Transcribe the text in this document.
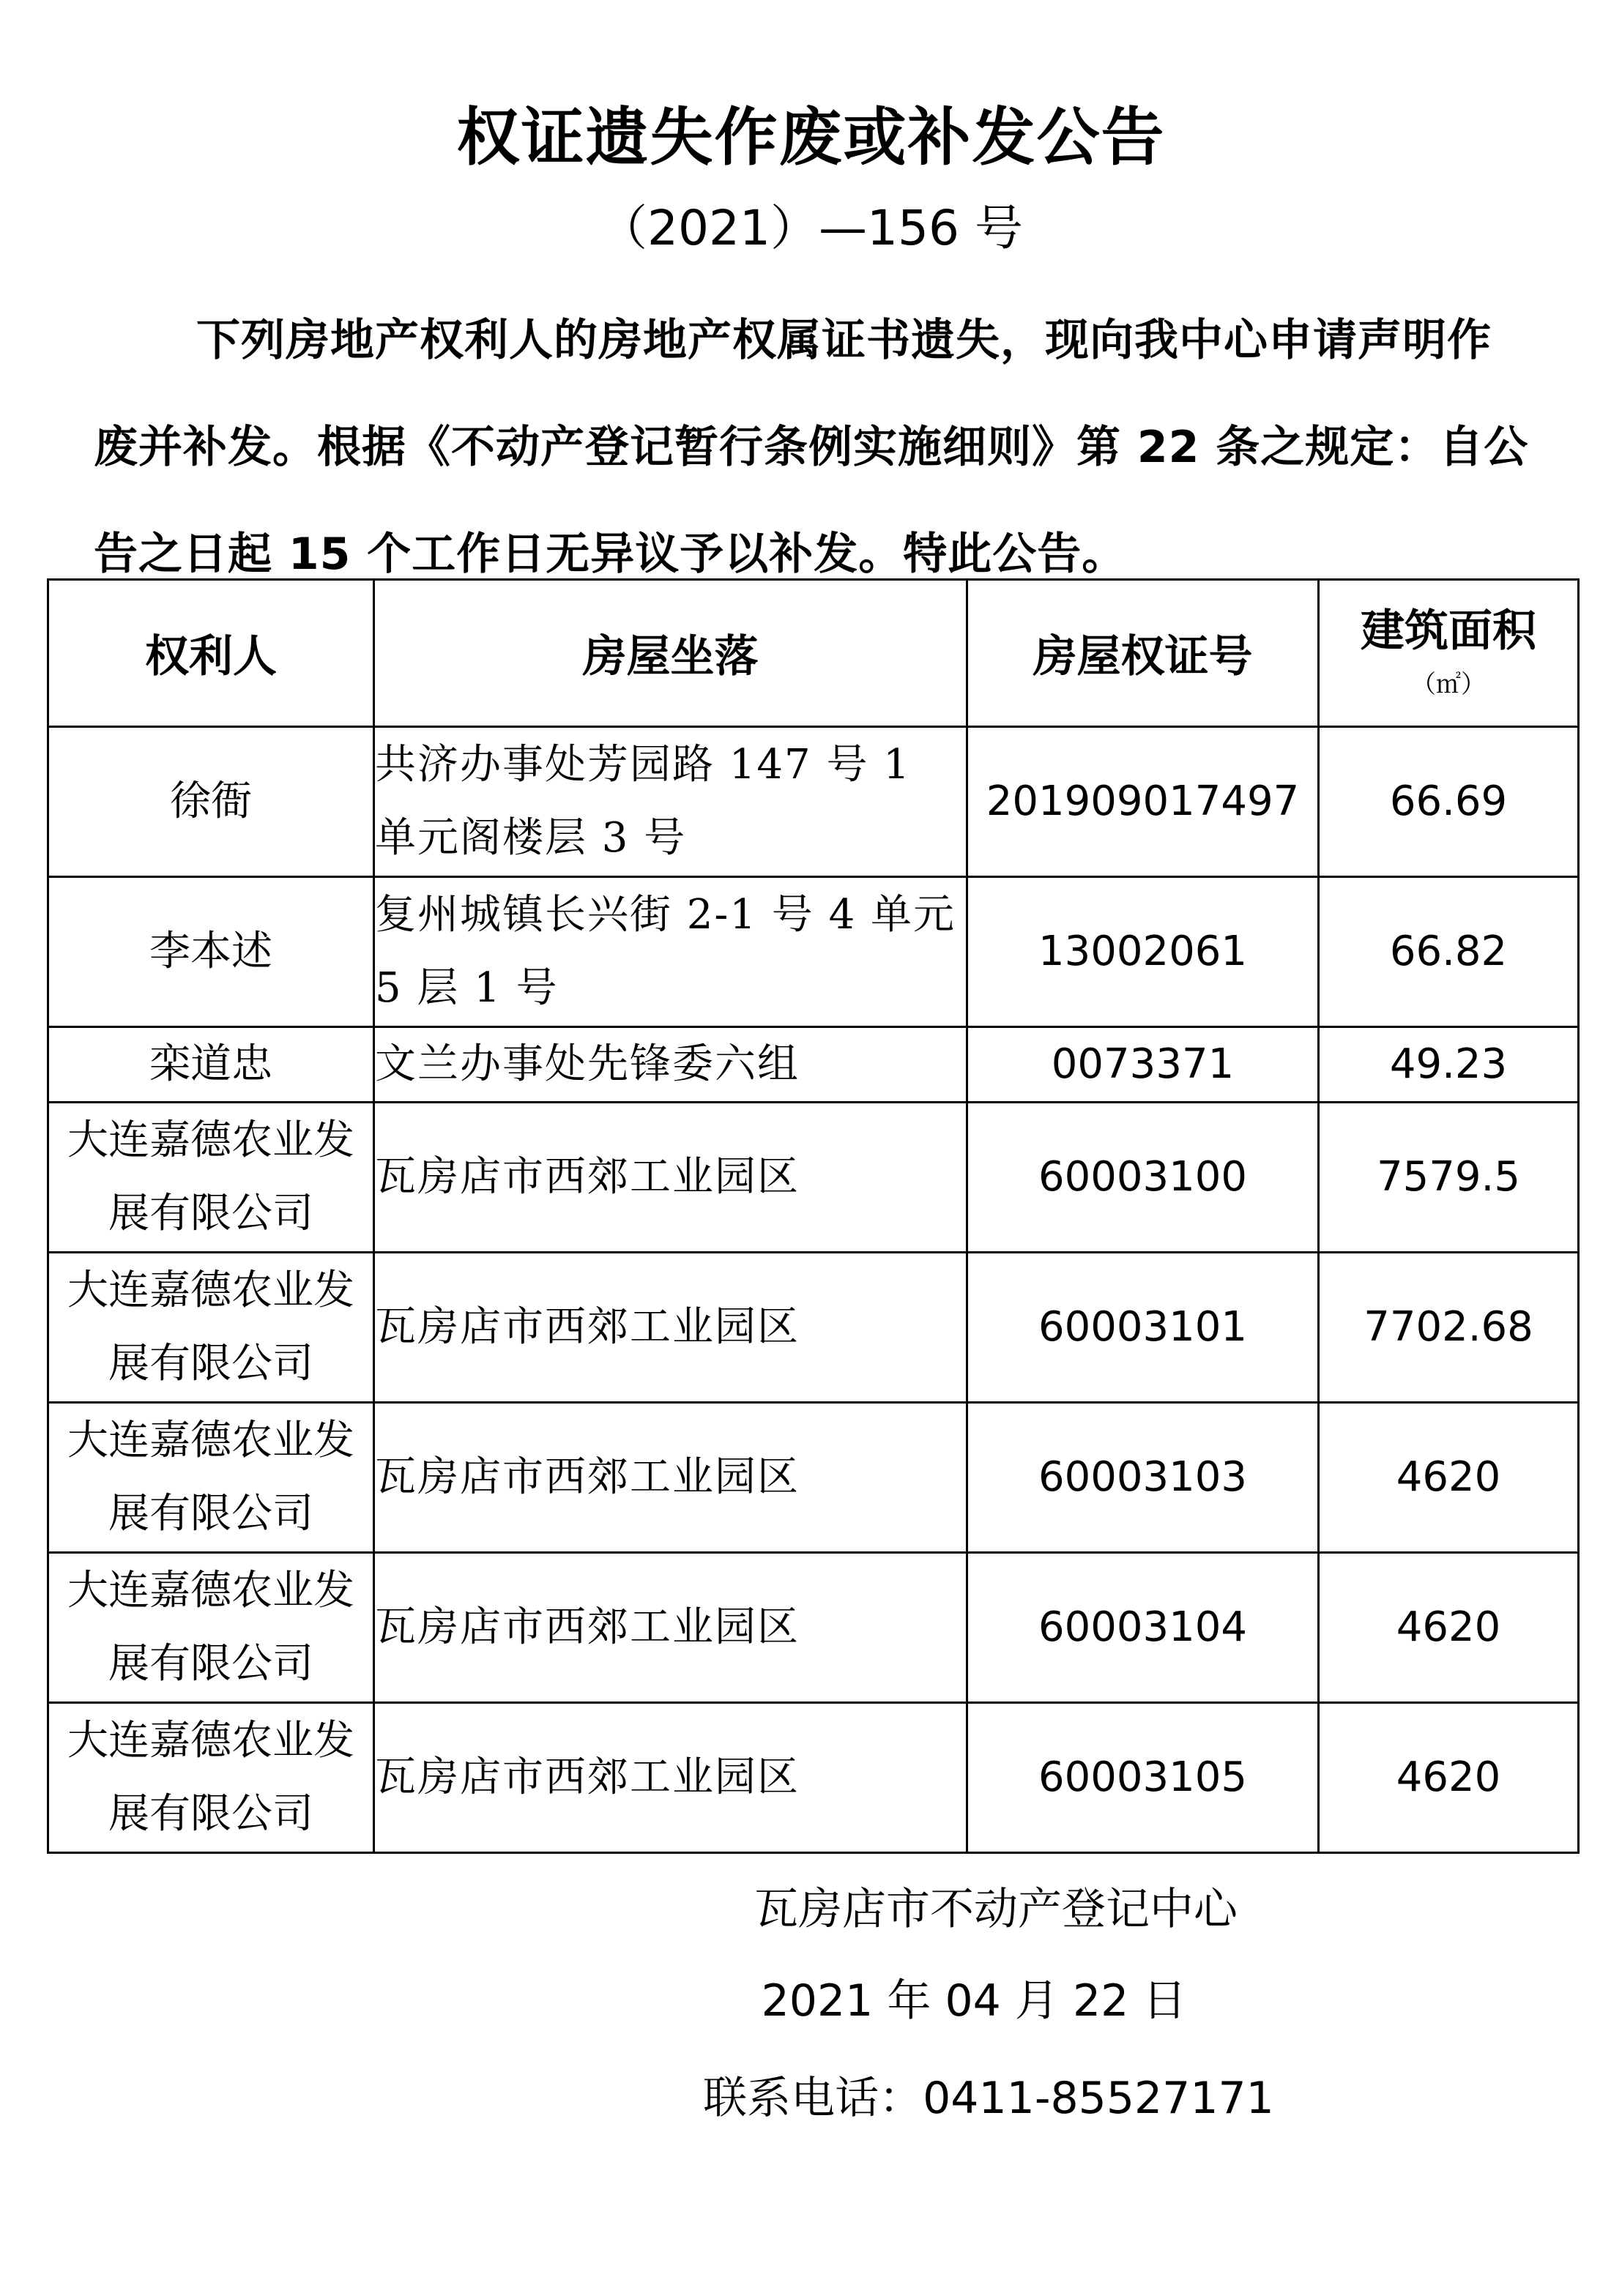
权证遗失作废或补发公告
（2021）—156 号
下列房地产权利人的房地产权属证书遗失，现向我中心申请声明作废并补发。根据《不动产登记暂行条例实施细则》第 22 条之规定：自公告之日起 15 个工作日无异议予以补发。特此公告。
权利人	房屋坐落	房屋权证号	建筑面积
（㎡）

徐衙	共济办事处芳园路 147 号 1 单元阁楼层 3 号	201909017497	66.69
李本述	复州城镇长兴街 2-1 号 4 单元 5 层 1 号	13002061	66.82
栾道忠	文兰办事处先锋委六组	0073371	49.23
大连嘉德农业发展有限公司	瓦房店市西郊工业园区	60003100	7579.5
大连嘉德农业发展有限公司	瓦房店市西郊工业园区	60003101	7702.68
大连嘉德农业发展有限公司	瓦房店市西郊工业园区	60003103	4620
大连嘉德农业发展有限公司	瓦房店市西郊工业园区	60003104	4620
大连嘉德农业发展有限公司	瓦房店市西郊工业园区	60003105	4620
瓦房店市不动产登记中心
2021 年 04 月 22 日
联系电话：0411-85527171
